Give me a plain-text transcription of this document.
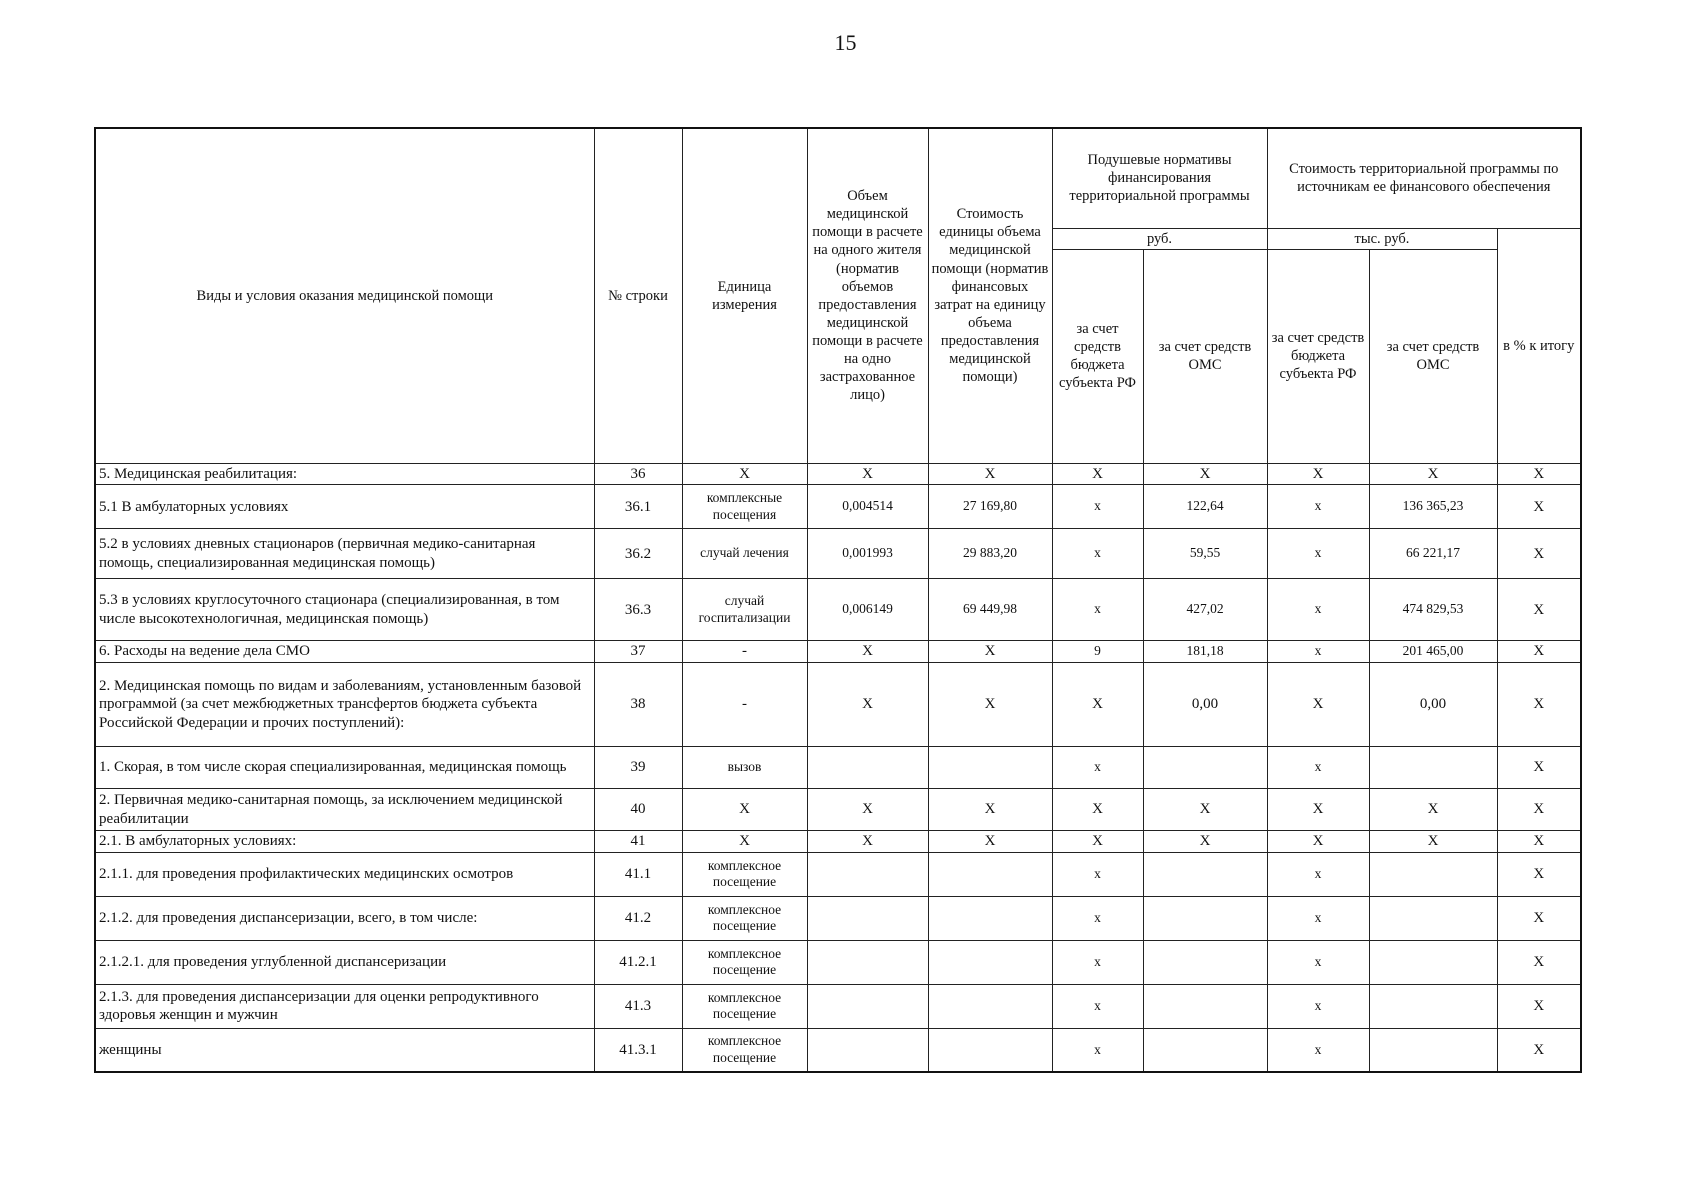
15
Виды и условия оказания медицинской помощи	№ строки	Единица измерения	Объем медицинской помощи в расчете на одного жителя (норматив объемов предоставления медицинской помощи в расчете на одно застрахованное лицо)	Стоимость единицы объема медицинской помощи (норматив финансовых затрат на единицу объема предоставления медицинской помощи)	Подушевые нормативы финансирования территориальной программы		Стоимость территориальной программы по источникам ее финансового обеспечения		
					руб.		тыс. руб.		в % к итогу
					за счет средств бюджета субъекта РФ	за счет средств ОМС	за счет средств бюджета субъекта РФ	за счет средств ОМС	
5. Медицинская реабилитация:	36	X	X	X	X	X	X	X	X
5.1 В амбулаторных условиях	36.1	комплексные посещения	0,004514	27 169,80	x	122,64	x	136 365,23	X
5.2 в условиях дневных стационаров (первичная медико-санитарная помощь, специализированная медицинская помощь)	36.2	случай лечения	0,001993	29 883,20	x	59,55	x	66 221,17	X
5.3 в условиях круглосуточного стационара (специализированная, в том числе высокотехнологичная, медицинская помощь)	36.3	случай госпитализации	0,006149	69 449,98	x	427,02	x	474 829,53	X
6. Расходы на ведение дела СМО	37	-	X	X	9	181,18	x	201 465,00	X
2. Медицинская помощь по видам и заболеваниям, установленным базовой программой (за счет межбюджетных трансфертов бюджета субъекта Российской Федерации и прочих поступлений):	38	-	X	X	X	0,00	X	0,00	X
1. Скорая, в том числе скорая специализированная, медицинская помощь	39	вызов			x		x		X
2. Первичная медико-санитарная помощь, за исключением медицинской реабилитации	40	X	X	X	X	X	X	X	X
2.1. В амбулаторных условиях:	41	X	X	X	X	X	X	X	X
2.1.1. для проведения профилактических медицинских осмотров	41.1	комплексное посещение			x		x		X
2.1.2. для проведения диспансеризации, всего, в том числе:	41.2	комплексное посещение			x		x		X
2.1.2.1. для проведения углубленной диспансеризации	41.2.1	комплексное посещение			x		x		X
2.1.3. для проведения диспансеризации для оценки репродуктивного здоровья женщин и мужчин	41.3	комплексное посещение			x		x		X
женщины	41.3.1	комплексное посещение			x		x		X
